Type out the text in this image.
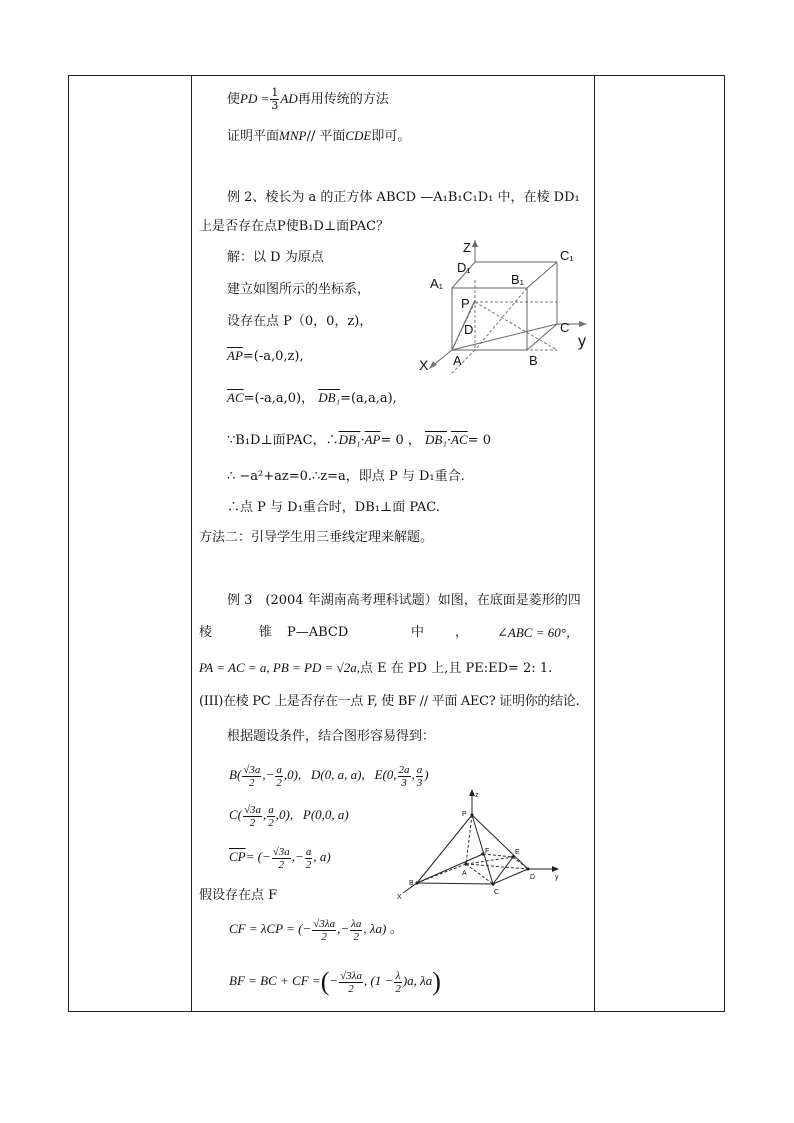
使PD = $\frac{1}{3}$ AD再用传统的方法
证明平面MNP// 平面CDE即可。
例 2、棱长为 a 的正方体 ABCD —A₁B₁C₁D₁ 中，在棱 DD₁
上是否存在点P使B₁D⊥面PAC？
解：以 D 为原点
建立如图所示的坐标系，
设存在点 P（0，0，z)，
$\overline{AP}=(-a,0,z)$,
$\overline{AC}=(-a,a,0)$， DB₁=(a,a,a),
∵B₁D⊥面PAC，$\therefore DB_1\cdot\overline{AP}= 0$ ， $DB_1\cdot\overline{AC}= 0$
∴ −a²+az=0.∴z=a，即点 P 与 D₁重合.
∴点 P 与 D₁重合时，DB₁⊥面 PAC.
方法二：引导学生用三垂线定理来解题。
例 3　(2004 年湖南高考理科试题）如图，在底面是菱形的四
棱	锥 P—ABCD	中 ， ∠ABC = 60°，
PA = AC = a, PB = PD = √2a,点 E 在 PD 上,且 PE:ED= 2: 1.
(III)在棱 PC 上是否存在一点 F, 使 BF // 平面 AEC? 证明你的结论.
根据题设条件，结合图形容易得到：
$B( \frac{√3a}{2}$ ,− $\frac{a}{2} ,0$), D(0, a, a), E(0, $\frac{2a}{3}$ , $\frac{a}{3}$ )
$C( \frac{√3a}{2}$ , $\frac{a}{2} ,0$), P(0,0, a)
$\overline{CP}=$ (− $\frac{√3a}{2}$ ,− $\frac{a}{2}$ , a)
假设存在点 F
CF = λCP = (− $\frac{√3\lambda a}{2}$ ,− $\frac{\lambda a}{2}$ , λa) 。
BF = BC + CF =(− $\frac{√3\lambda a}{2}$ , $(1 - \frac{\lambda}{2} )a$, λa)
Z
D₁
C₁
A₁	B₁
P
D	C
y
X A	B
z
P
E
F
A
D	y
B
C
X
